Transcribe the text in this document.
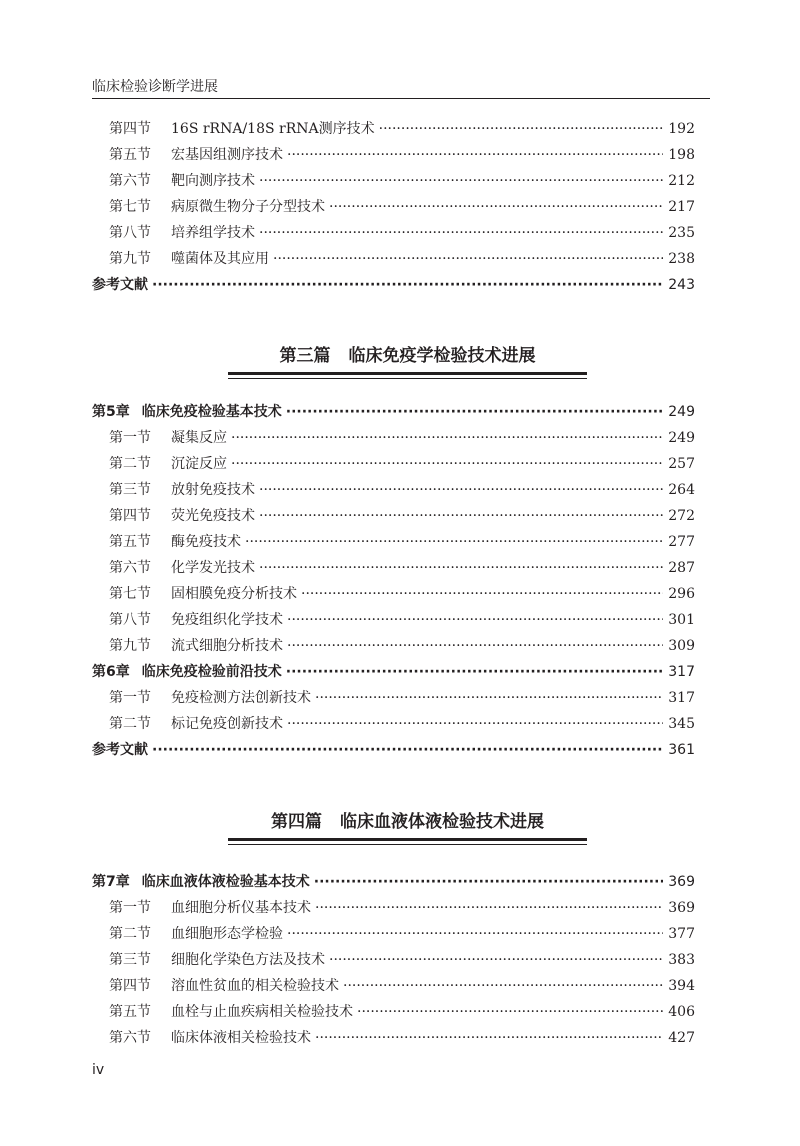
临床检验诊断学进展
第四节	16S rRNA/18S rRNA测序技术 ·····	192
第五节	宏基因组测序技术 ·····	198
第六节	靶向测序技术 ·····	212
第七节	病原微生物分子分型技术 ·····	217
第八节	培养组学技术 ·····	235
第九节	噬菌体及其应用 ·····	238
参考文献 ·····	243
第三篇 临床免疫学检验技术进展
第5章 临床免疫检验基本技术 ·····	249
第一节	凝集反应 ·····	249
第二节	沉淀反应 ·····	257
第三节	放射免疫技术 ·····	264
第四节	荧光免疫技术 ·····	272
第五节	酶免疫技术 ·····	277
第六节	化学发光技术 ·····	287
第七节	固相膜免疫分析技术 ·····	296
第八节	免疫组织化学技术 ·····	301
第九节	流式细胞分析技术 ·····	309
第6章 临床免疫检验前沿技术 ·····	317
第一节	免疫检测方法创新技术 ·····	317
第二节	标记免疫创新技术 ·····	345
参考文献 ·····	361
第四篇 临床血液体液检验技术进展
第7章 临床血液体液检验基本技术 ·····	369
第一节	血细胞分析仪基本技术 ·····	369
第二节	血细胞形态学检验 ·····	377
第三节	细胞化学染色方法及技术 ·····	383
第四节	溶血性贫血的相关检验技术 ·····	394
第五节	血栓与止血疾病相关检验技术 ·····	406
第六节	临床体液相关检验技术 ·····	427
iv
